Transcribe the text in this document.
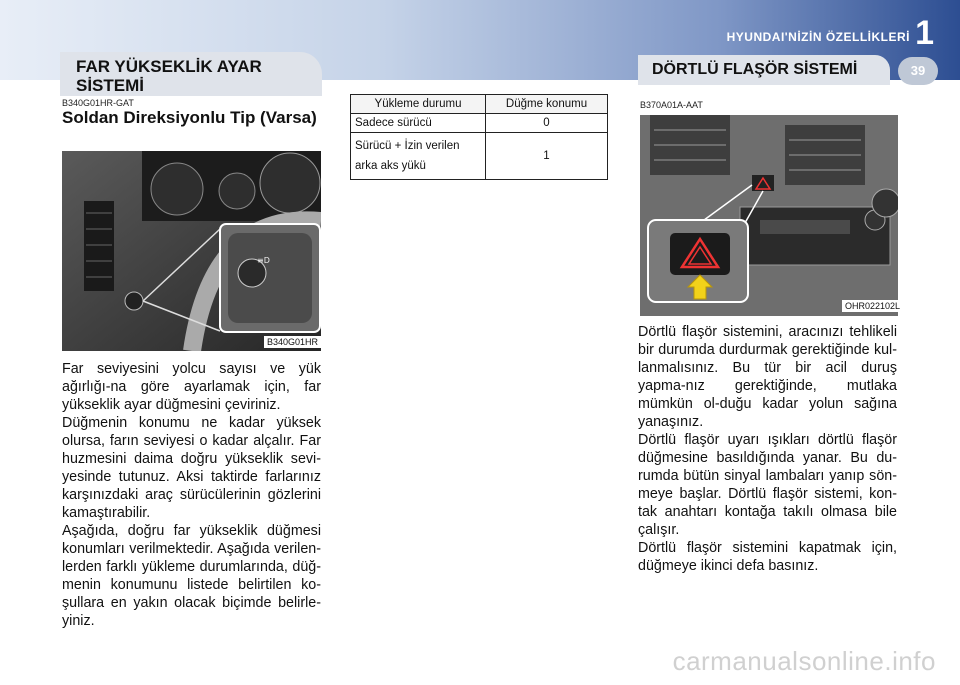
HYUNDAI'NİZİN ÖZELLİKLERİ 1
FAR YÜKSEKLİK AYAR SİSTEMİ
B340G01HR-GAT
Soldan Direksiyonlu Tip (Varsa)
≡D
B340G01HR

Far seviyesini yolcu sayısı ve yük ağırlığı-na göre ayarlamak için, far yükseklik ayar düğmesini çeviriniz.

Düğmenin konumu ne kadar yüksek olursa, farın seviyesi o kadar alçalır. Far huzmesini daima doğru yükseklik sevi-yesinde tutunuz. Aksi taktirde farlarınız karşınızdaki araç sürücülerinin gözlerini kamaştırabilir.

Aşağıda, doğru far yükseklik düğmesi konumları verilmektedir. Aşağıda verilen-lerden farklı yükleme durumlarında, düğ-menin konumunu listede belirtilen ko-şullara en yakın olacak biçimde belirle-yiniz.

Yükleme durumu	Düğme konumu
Sadece sürücü	0
Sürücü + İzin verilen arka aks yükü	1
DÖRTLÜ FLAŞÖR SİSTEMİ	39
B370A01A-AAT
OHR022102L

Dörtlü flaşör sistemini, aracınızı tehlikeli bir durumda durdurmak gerektiğinde kul-lanmalısınız. Bu tür bir acil duruş yapma-nız gerektiğinde, mutlaka mümkün ol-duğu kadar yolun sağına yanaşınız.

Dörtlü flaşör uyarı ışıkları dörtlü flaşör düğmesine basıldığında yanar. Bu du-rumda bütün sinyal lambaları yanıp sön-meye başlar. Dörtlü flaşör sistemi, kon-tak anahtarı kontağa takılı olmasa bile çalışır.

Dörtlü flaşör sistemini kapatmak için, düğmeye ikinci defa basınız.

carmanualsonline.info
